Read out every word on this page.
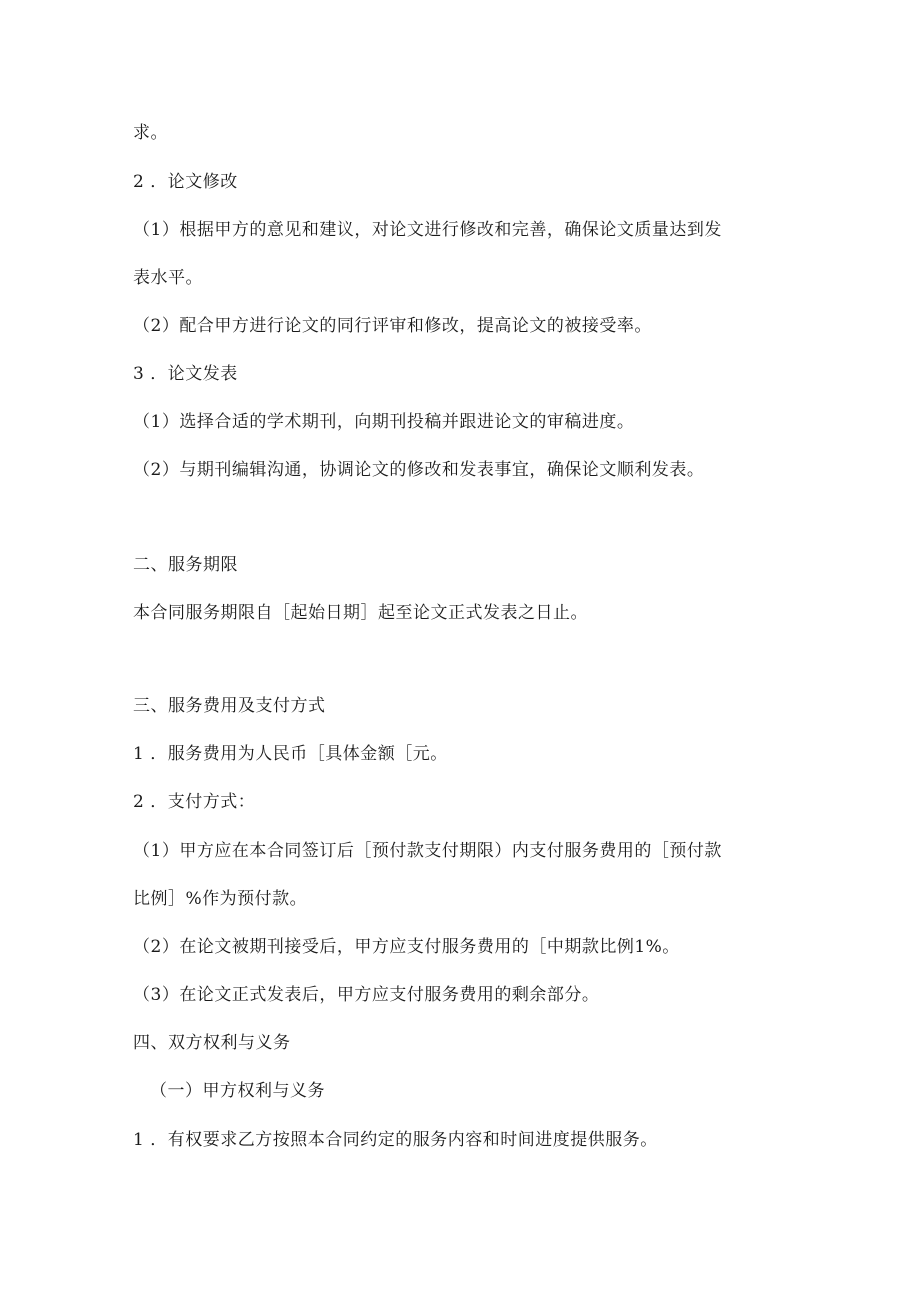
求。
2 ．论文修改
（1）根据甲方的意见和建议，对论文进行修改和完善，确保论文质量达到发
表水平。
（2）配合甲方进行论文的同行评审和修改，提高论文的被接受率。
3 ．论文发表
（1）选择合适的学术期刊，向期刊投稿并跟进论文的审稿进度。
（2）与期刊编辑沟通，协调论文的修改和发表事宜，确保论文顺利发表。
二、服务期限
本合同服务期限自［起始日期］起至论文正式发表之日止。
三、服务费用及支付方式
1 ．服务费用为人民币［具体金额［元。
2 ．支付方式：
（1）甲方应在本合同签订后［预付款支付期限）内支付服务费用的［预付款
比例］%作为预付款。
（2）在论文被期刊接受后，甲方应支付服务费用的［中期款比例1%。
（3）在论文正式发表后，甲方应支付服务费用的剩余部分。
四、双方权利与义务
（一）甲方权利与义务
1 ．有权要求乙方按照本合同约定的服务内容和时间进度提供服务。
